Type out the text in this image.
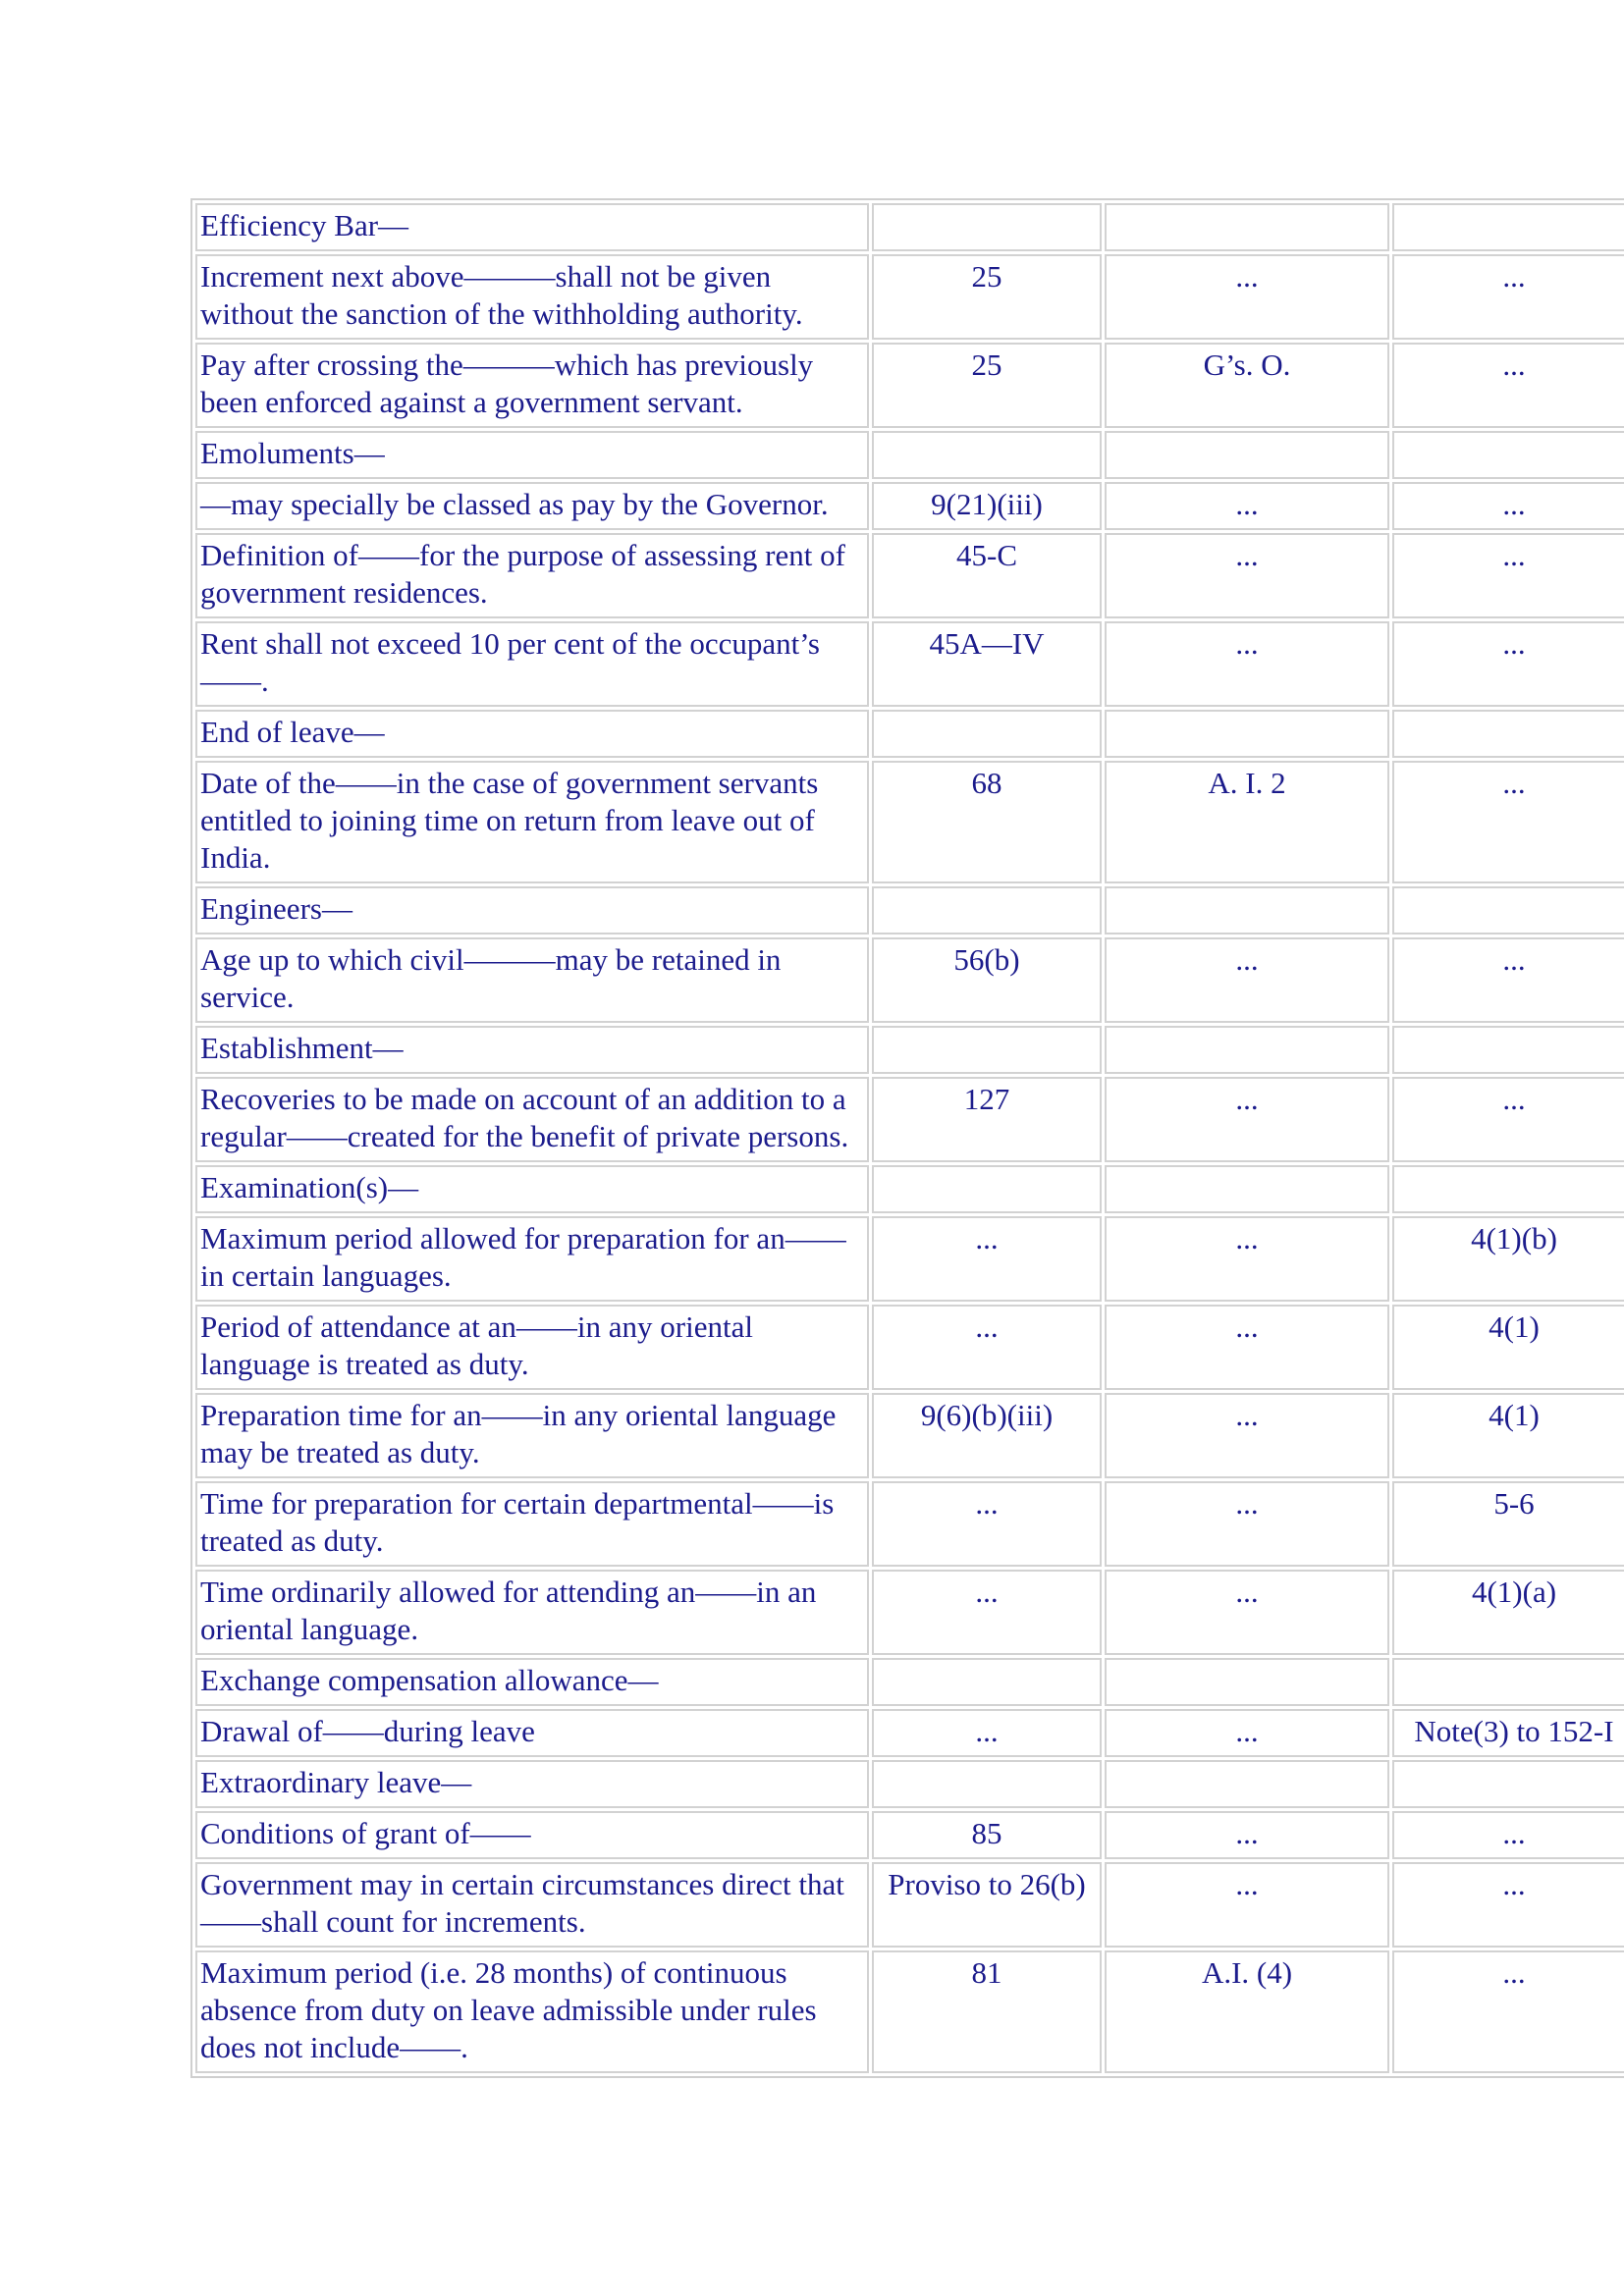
Efficiency Bar—			
Increment next above———shall not be given without the sanction of the withholding authority.	25	...	...
Pay after crossing the———which has previously been enforced against a government servant.	25	G’s. O.	...
Emoluments—			
—may specially be classed as pay by the Governor.	9(21)(iii)	...	...
Definition of——for the purpose of assessing rent of government residences.	45-C	...	...
Rent shall not exceed 10 per cent of the occupant’s——.	45A—IV	...	...
End of leave—			
Date of the——in the case of government servants entitled to joining time on return from leave out of India.	68	A. I. 2	...
Engineers—			
Age up to which civil———may be retained in service.	56(b)	...	...
Establishment—			
Recoveries to be made on account of an addition to a regular——created for the benefit of private persons.	127	...	...
Examination(s)—			
Maximum period allowed for preparation for an——in certain languages.	...	...	4(1)(b)
Period of attendance at an——in any oriental language is treated as duty.	...	...	4(1)
Preparation time for an——in any oriental language may be treated as duty.	9(6)(b)(iii)	...	4(1)
Time for preparation for certain departmental——is treated as duty.	...	...	5-6
Time ordinarily allowed for attending an——in an oriental language.	...	...	4(1)(a)
Exchange compensation allowance—			
Drawal of——during leave	...	...	Note(3) to 152-I
Extraordinary leave—			
Conditions of grant of——	85	...	...
Government may in certain circumstances direct that——shall count for increments.	Proviso to 26(b)	...	...
Maximum period (i.e. 28 months) of continuous absence from duty on leave admissible under rules does not include——.	81	A.I. (4)	...
